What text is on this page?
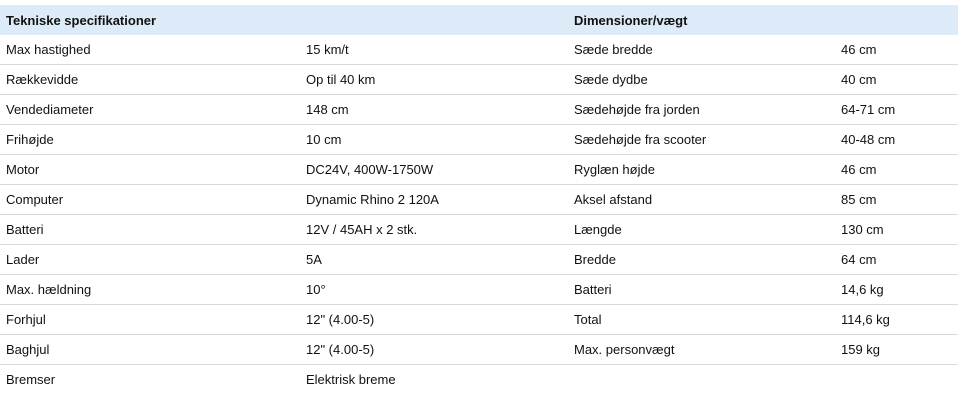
Tekniske specifikationer		Dimensioner/vægt	
Max hastighed	15 km/t	Sæde bredde	46 cm
Rækkevidde	Op til 40 km	Sæde dydbe	40 cm
Vendediameter	148 cm	Sædehøjde fra jorden	64-71 cm
Frihøjde	10 cm	Sædehøjde fra scooter	40-48 cm
Motor	DC24V, 400W-1750W	Ryglæn højde	46 cm
Computer	Dynamic Rhino 2 120A	Aksel afstand	85 cm
Batteri	12V / 45AH x 2 stk.	Længde	130 cm
Lader	5A	Bredde	64 cm
Max. hældning	10°	Batteri	14,6 kg
Forhjul	12" (4.00-5)	Total	114,6 kg
Baghjul	12" (4.00-5)	Max. personvægt	159 kg
Bremser	Elektrisk breme		
